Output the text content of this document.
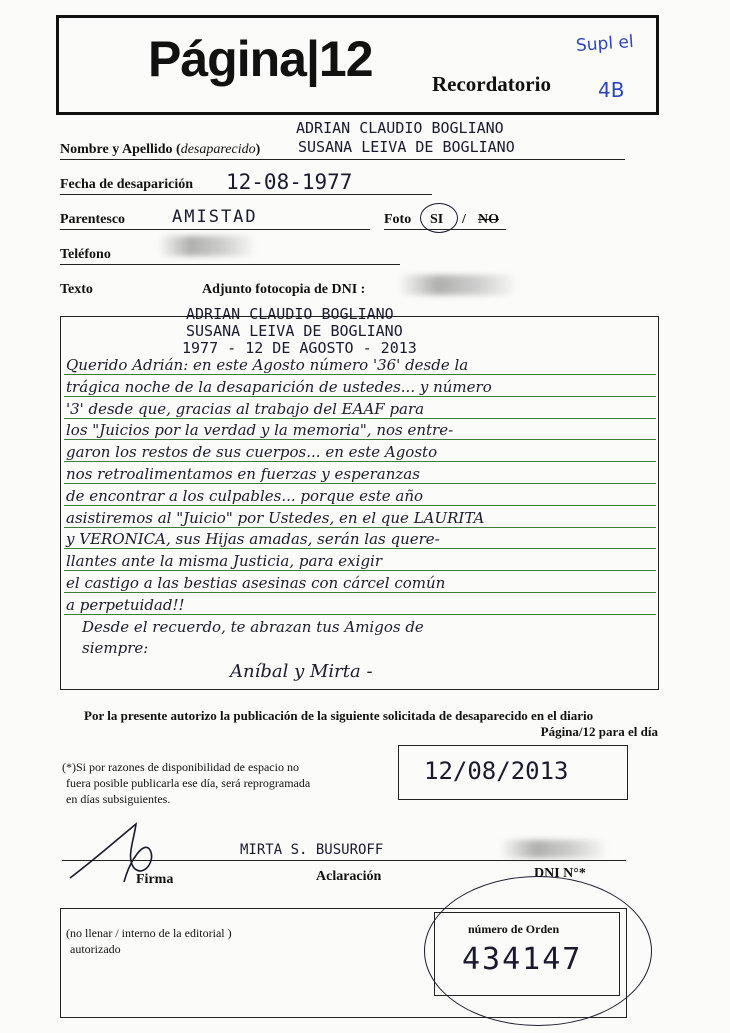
Página|12	Recordatorio
Supl el
4B
ADRIAN CLAUDIO BOGLIANO
SUSANA LEIVA DE BOGLIANO
Nombre y Apellido (desaparecido)
Fecha de desaparición 12-08-1977
Parentesco	AMISTAD	Foto SI / NO
Teléfono
Texto	Adjunto fotocopia de DNI :
ADRIAN CLAUDIO BOGLIANO
SUSANA LEIVA DE BOGLIANO
1977 - 12 DE AGOSTO - 2013
Querido Adrián: en este Agosto número '36' desde la
trágica noche de la desaparición de ustedes... y número
'3' desde que, gracias al trabajo del EAAF para
los "Juicios por la verdad y la memoria", nos entre-
garon los restos de sus cuerpos... en este Agosto
nos retroalimentamos en fuerzas y esperanzas
de encontrar a los culpables... porque este año
asistiremos al "Juicio" por Ustedes, en el que LAURITA
y VERONICA, sus Hijas amadas, serán las quere-
llantes ante la misma Justicia, para exigir
el castigo a las bestias asesinas con cárcel común
a perpetuidad!!
Desde el recuerdo, te abrazan tus Amigos de
siempre:
Aníbal y Mirta -
Por la presente autorizo la publicación de la siguiente solicitada de desaparecido en el diario
Página/12 para el día
(*)Si por razones de disponibilidad de espacio no
fuera posible publicarla ese día, será reprogramada
en días subsiguientes.
12/08/2013
MIRTA S. BUSUROFF
Firma	Aclaración	DNI N°*
(no llenar / interno de la editorial )
autorizado
número de Orden
434147
